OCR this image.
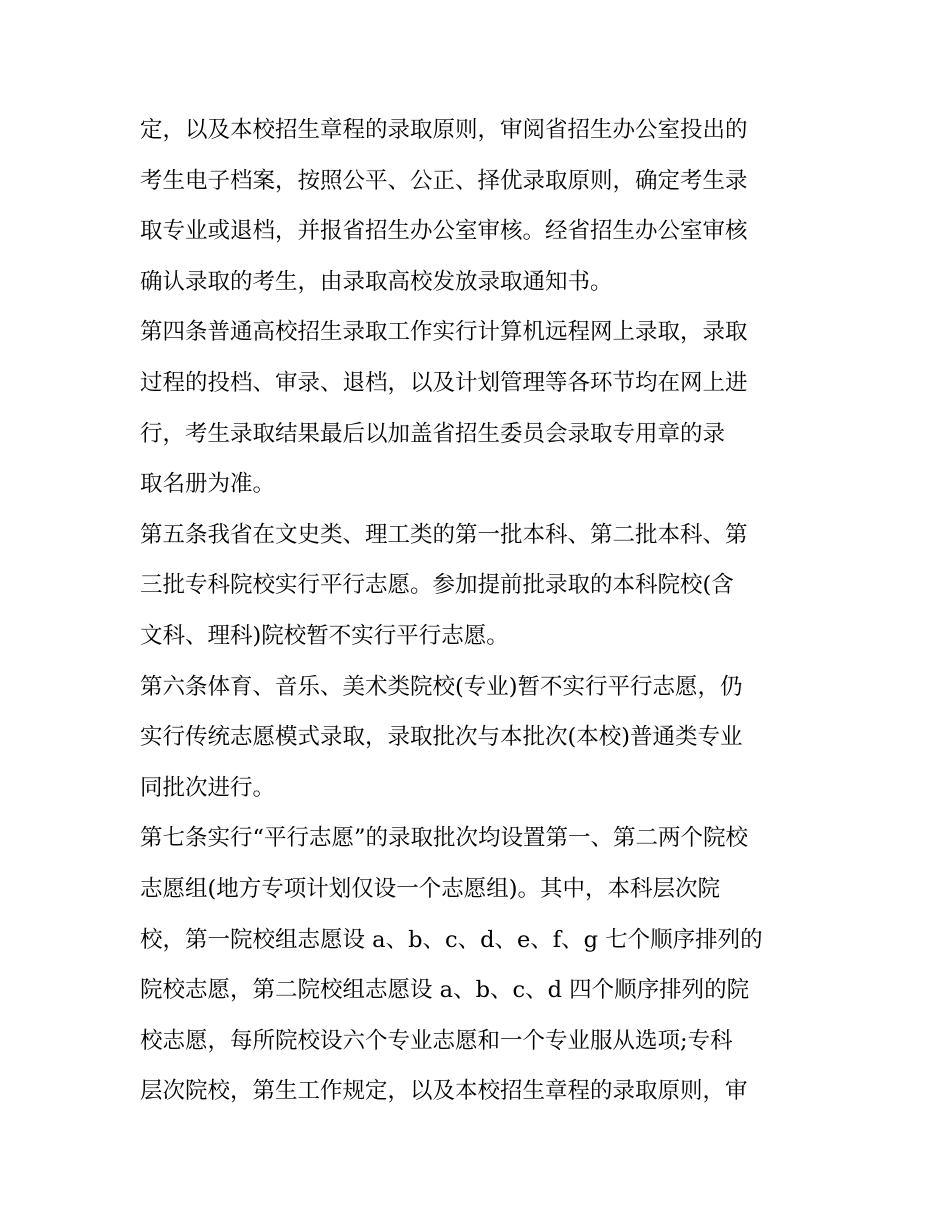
定，以及本校招生章程的录取原则，审阅省招生办公室投出的
考生电子档案，按照公平、公正、择优录取原则，确定考生录
取专业或退档，并报省招生办公室审核。经省招生办公室审核
确认录取的考生，由录取高校发放录取通知书。
第四条普通高校招生录取工作实行计算机远程网上录取，录取
过程的投档、审录、退档，以及计划管理等各环节均在网上进
行，考生录取结果最后以加盖省招生委员会录取专用章的录
取名册为准。
第五条我省在文史类、理工类的第一批本科、第二批本科、第
三批专科院校实行平行志愿。参加提前批录取的本科院校(含
文科、理科)院校暂不实行平行志愿。
第六条体育、音乐、美术类院校(专业)暂不实行平行志愿，仍
实行传统志愿模式录取，录取批次与本批次(本校)普通类专业
同批次进行。
第七条实行“平行志愿”的录取批次均设置第一、第二两个院校
志愿组(地方专项计划仅设一个志愿组)。其中，本科层次院
校，第一院校组志愿设 a、b、c、d、e、f、g 七个顺序排列的
院校志愿，第二院校组志愿设 a、b、c、d 四个顺序排列的院
校志愿，每所院校设六个专业志愿和一个专业服从选项;专科
层次院校，第生工作规定，以及本校招生章程的录取原则，审
